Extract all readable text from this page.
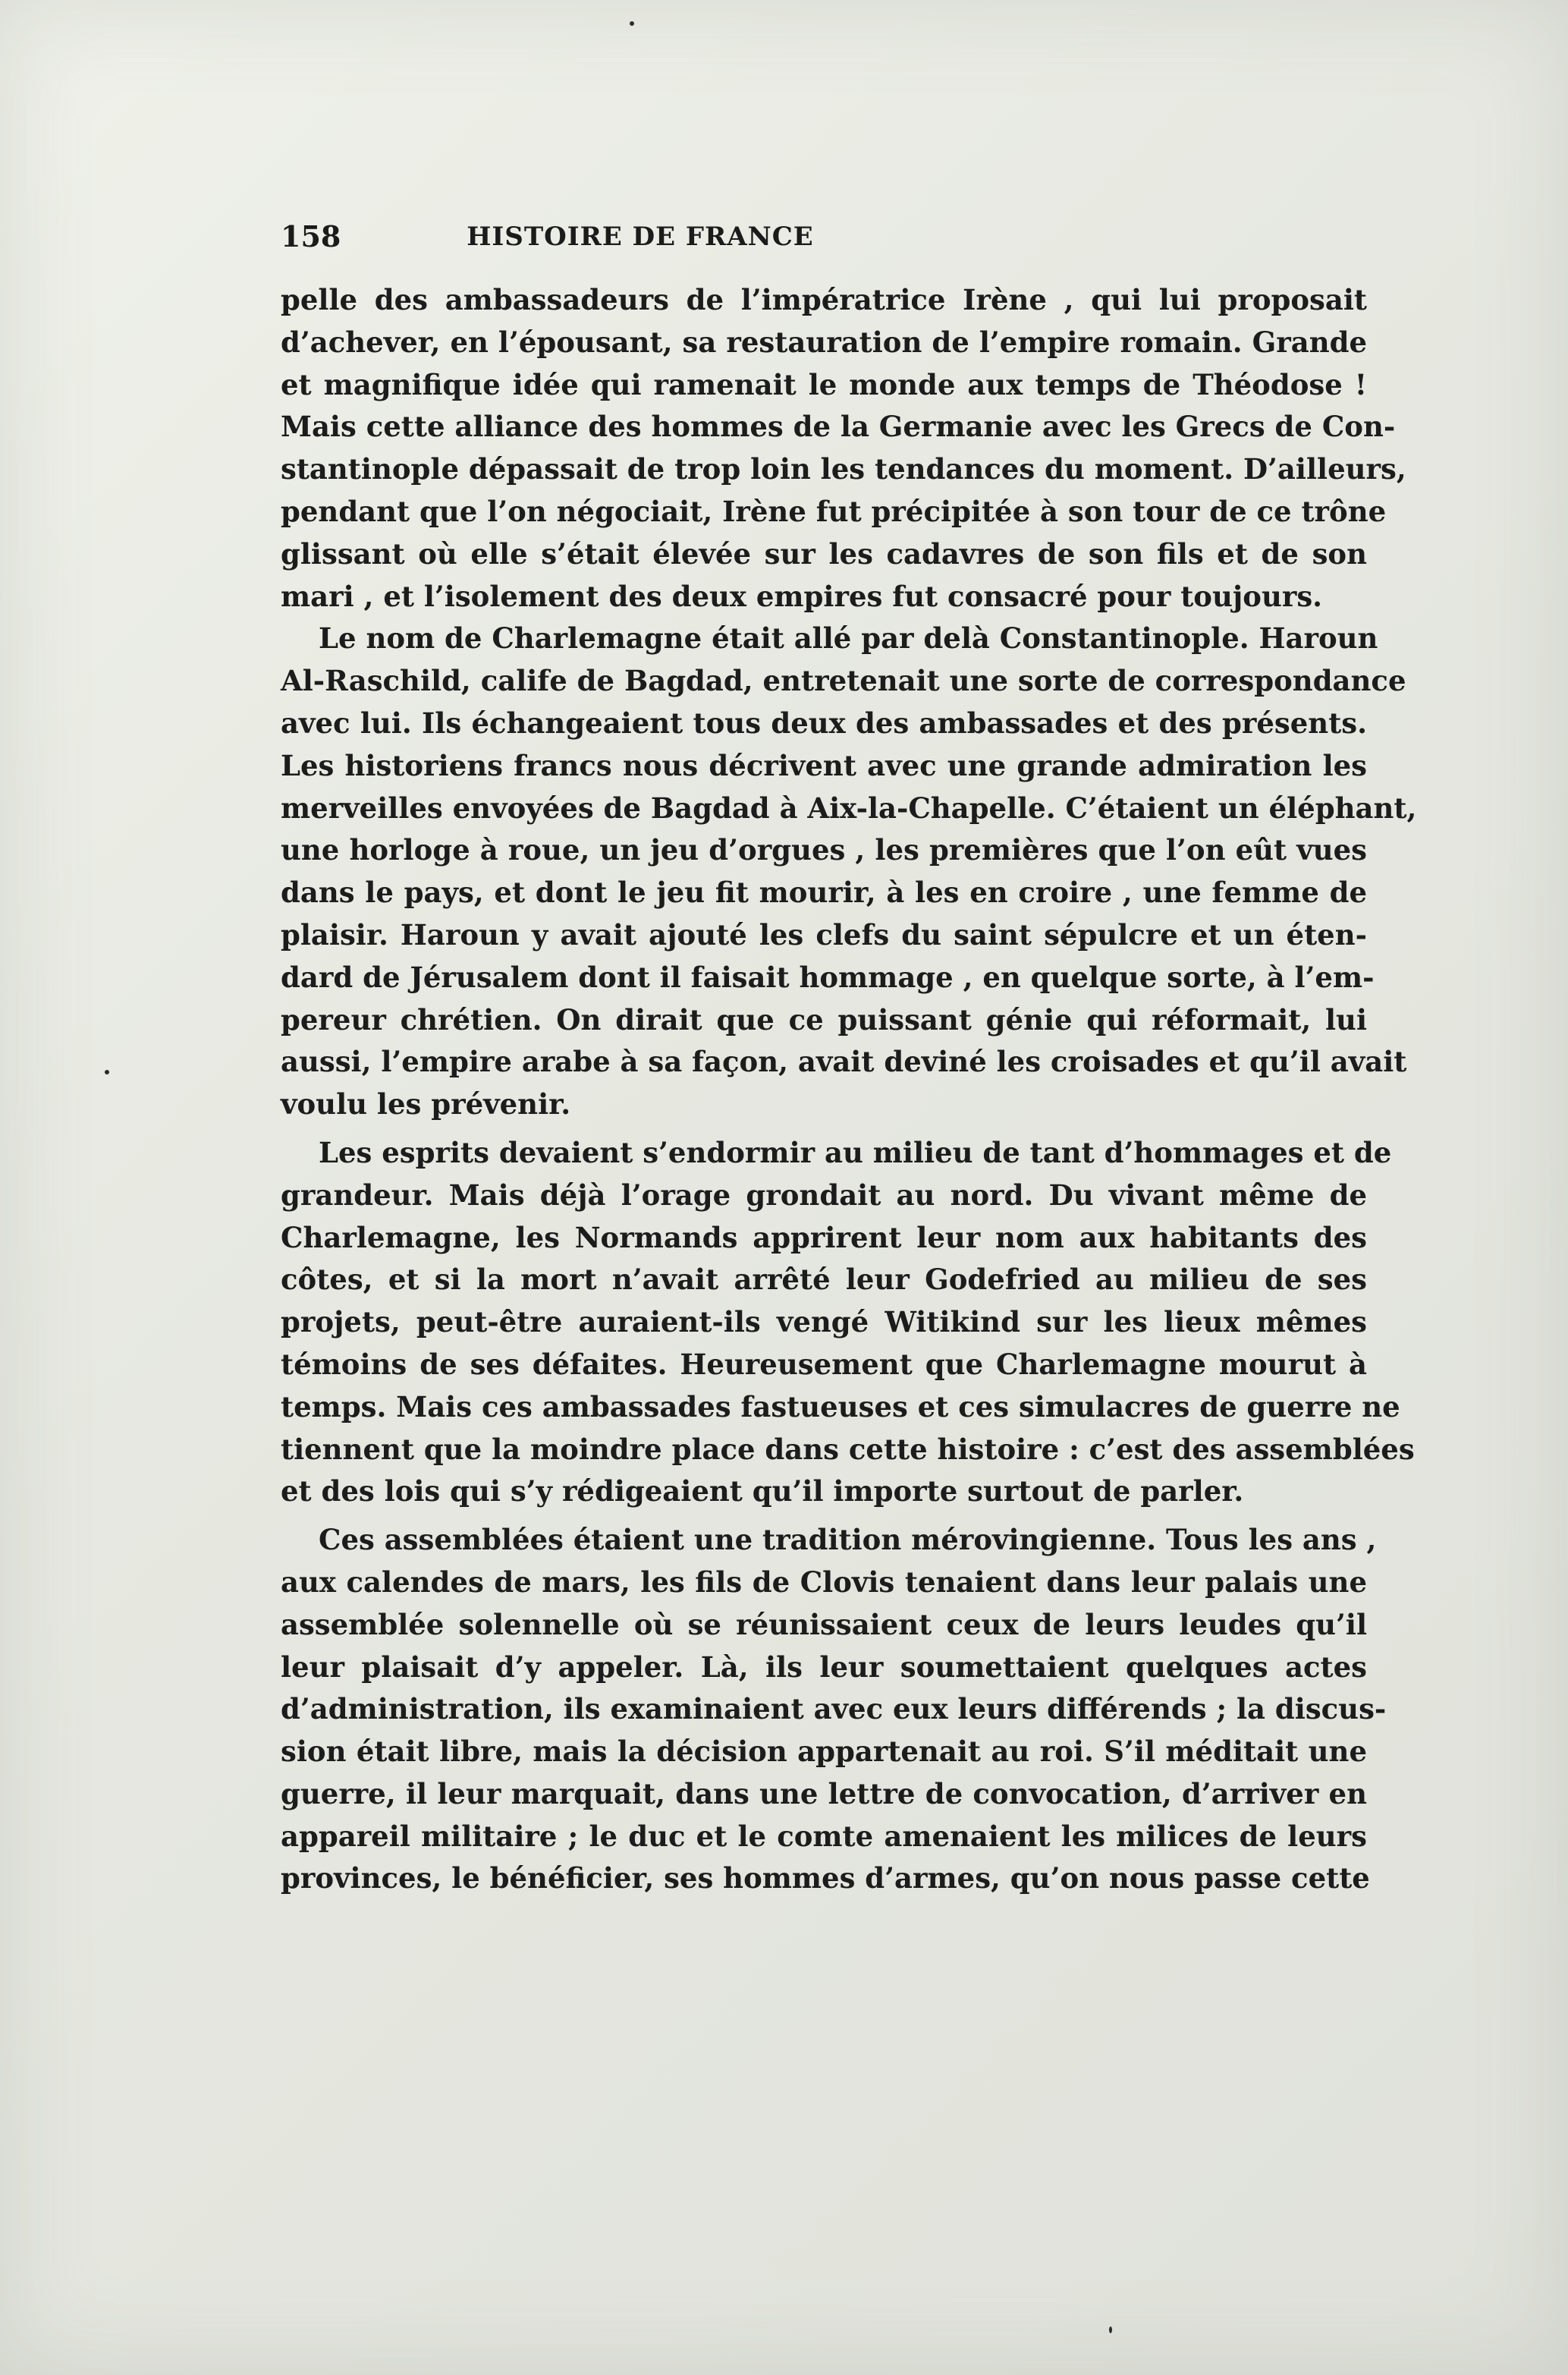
158	HISTOIRE DE FRANCE

pelle des ambassadeurs de l’impératrice Irène , qui lui proposait
d’achever, en l’épousant, sa restauration de l’empire romain. Grande
et magnifique idée qui ramenait le monde aux temps de Théodose !
Mais cette alliance des hommes de la Germanie avec les Grecs de Con-
stantinople dépassait de trop loin les tendances du moment. D’ailleurs,
pendant que l’on négociait, Irène fut précipitée à son tour de ce trône
glissant où elle s’était élevée sur les cadavres de son fils et de son
mari , et l’isolement des deux empires fut consacré pour toujours.

Le nom de Charlemagne était allé par delà Constantinople. Haroun
Al-Raschild, calife de Bagdad, entretenait une sorte de correspondance
avec lui. Ils échangeaient tous deux des ambassades et des présents.
Les historiens francs nous décrivent avec une grande admiration les
merveilles envoyées de Bagdad à Aix-la-Chapelle. C’étaient un éléphant,
une horloge à roue, un jeu d’orgues , les premières que l’on eût vues
dans le pays, et dont le jeu fit mourir, à les en croire , une femme de
plaisir. Haroun y avait ajouté les clefs du saint sépulcre et un éten-
dard de Jérusalem dont il faisait hommage , en quelque sorte, à l’em-
pereur chrétien. On dirait que ce puissant génie qui réformait, lui
aussi, l’empire arabe à sa façon, avait deviné les croisades et qu’il avait
voulu les prévenir.

Les esprits devaient s’endormir au milieu de tant d’hommages et de
grandeur. Mais déjà l’orage grondait au nord. Du vivant même de
Charlemagne, les Normands apprirent leur nom aux habitants des
côtes, et si la mort n’avait arrêté leur Godefried au milieu de ses
projets, peut-être auraient-ils vengé Witikind sur les lieux mêmes
témoins de ses défaites. Heureusement que Charlemagne mourut à
temps. Mais ces ambassades fastueuses et ces simulacres de guerre ne
tiennent que la moindre place dans cette histoire : c’est des assemblées
et des lois qui s’y rédigeaient qu’il importe surtout de parler.

Ces assemblées étaient une tradition mérovingienne. Tous les ans ,
aux calendes de mars, les fils de Clovis tenaient dans leur palais une
assemblée solennelle où se réunissaient ceux de leurs leudes qu’il
leur plaisait d’y appeler. Là, ils leur soumettaient quelques actes
d’administration, ils examinaient avec eux leurs différends ; la discus-
sion était libre, mais la décision appartenait au roi. S’il méditait une
guerre, il leur marquait, dans une lettre de convocation, d’arriver en
appareil militaire ; le duc et le comte amenaient les milices de leurs
provinces, le bénéficier, ses hommes d’armes, qu’on nous passe cette
